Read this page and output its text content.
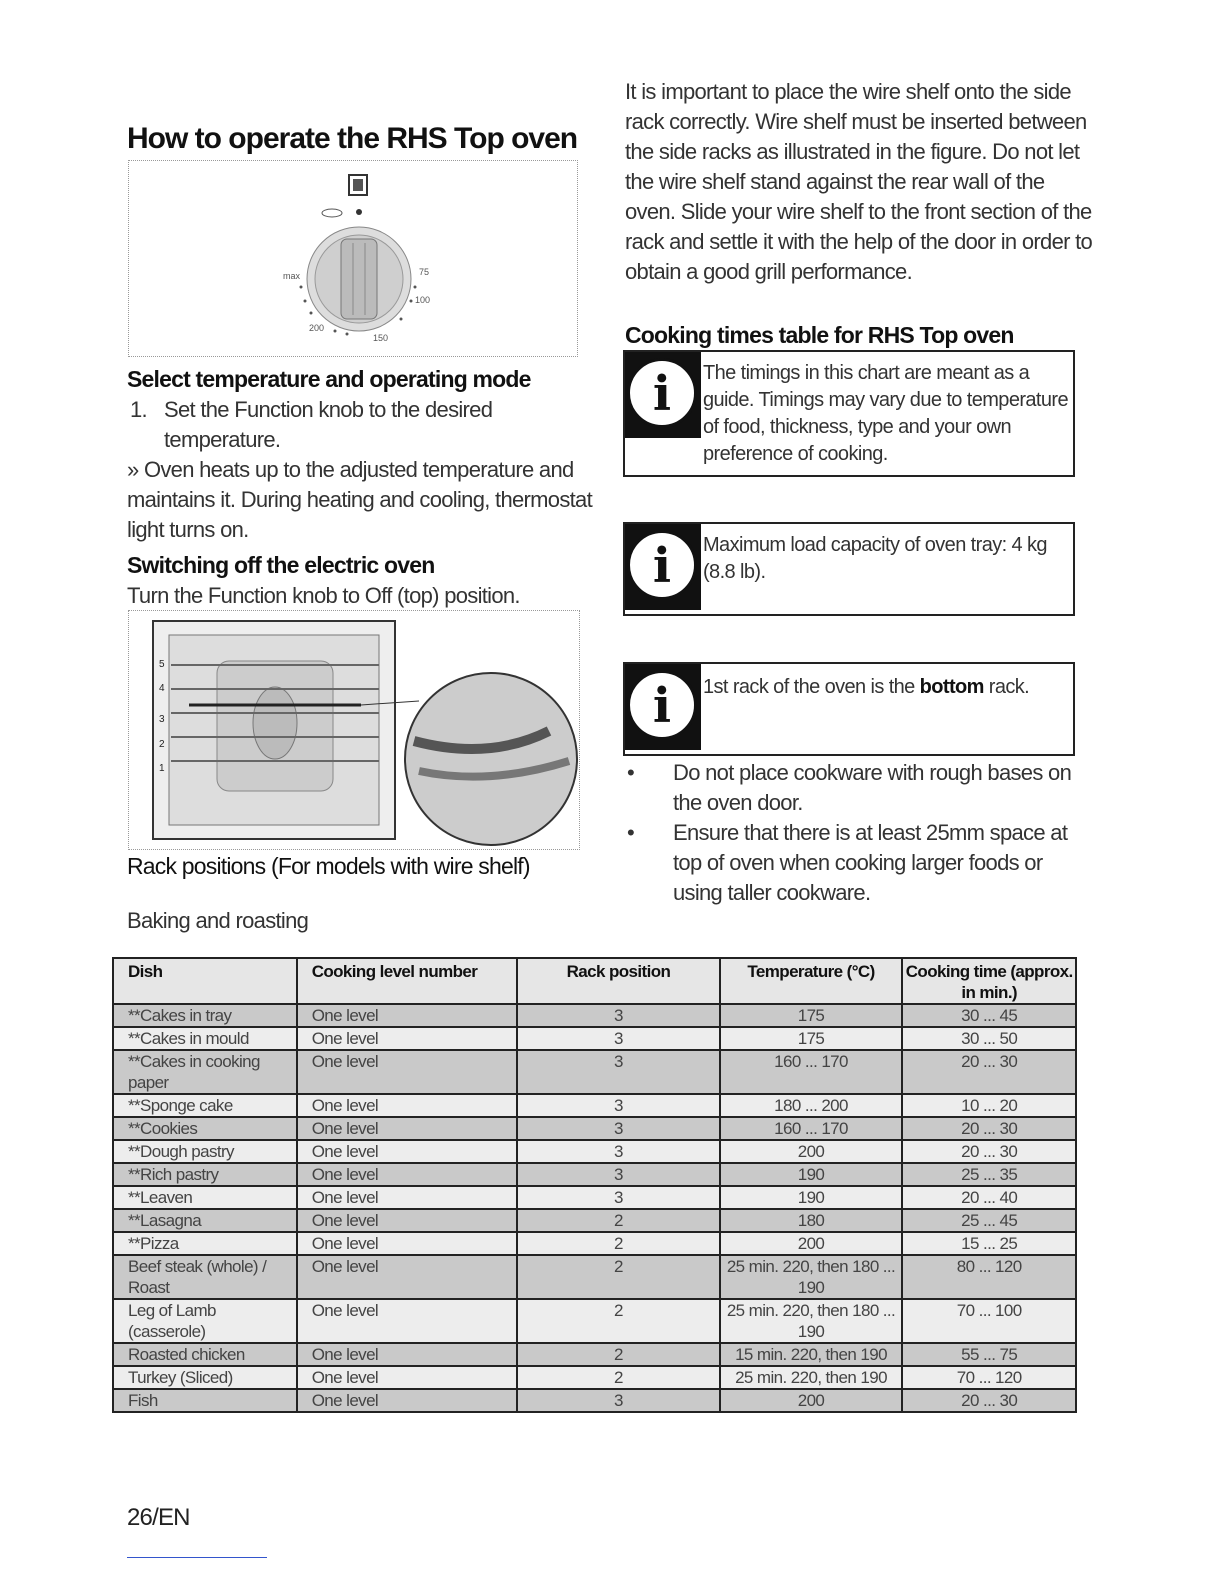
How to operate the RHS Top oven
max	75
100
150
200
Select temperature and operating mode
1. Set the Function knob to the desired temperature.
» Oven heats up to the adjusted temperature and maintains it. During heating and cooling, thermostat light turns on.
Switching off the electric oven
Turn the Function knob to Off (top) position.
5
4
3
2
1
Rack positions (For models with wire shelf)
Baking and roasting
It is important to place the wire shelf onto the side rack correctly. Wire shelf must be inserted between the side racks as illustrated in the figure. Do not let the wire shelf stand against the rear wall of the oven. Slide your wire shelf to the front section of the rack and settle it with the help of the door in order to obtain a good grill performance.
Cooking times table for RHS Top oven
i	The timings in this chart are meant as a guide. Timings may vary due to temperature of food, thickness, type and your own preference of cooking.
i	Maximum load capacity of oven tray: 4 kg (8.8 lb).
i	1st rack of the oven is the bottom rack.
• Do not place cookware with rough bases on the oven door.
• Ensure that there is at least 25mm space at top of oven when cooking larger foods or using taller cookware.
Dish	Cooking level number	Rack position	Temperature (°C)	Cooking time (approx. in min.)
**Cakes in tray	One level	3	175	30 ... 45
**Cakes in mould	One level	3	175	30 ... 50
**Cakes in cooking paper	One level	3	160 ... 170	20 ... 30
**Sponge cake	One level	3	180 ... 200	10 ... 20
**Cookies	One level	3	160 ... 170	20 ... 30
**Dough pastry	One level	3	200	20 ... 30
**Rich pastry	One level	3	190	25 ... 35
**Leaven	One level	3	190	20 ... 40
**Lasagna	One level	2	180	25 ... 45
**Pizza	One level	2	200	15 ... 25
Beef steak (whole) / Roast	One level	2	25 min. 220, then 180 ... 190	80 ... 120
Leg of Lamb (casserole)	One level	2	25 min. 220, then 180 ... 190	70 ... 100
Roasted chicken	One level	2	15 min. 220, then 190	55 ... 75
Turkey (Sliced)	One level	2	25 min. 220, then 190	70 ... 120
Fish	One level	3	200	20 ... 30
26/EN
